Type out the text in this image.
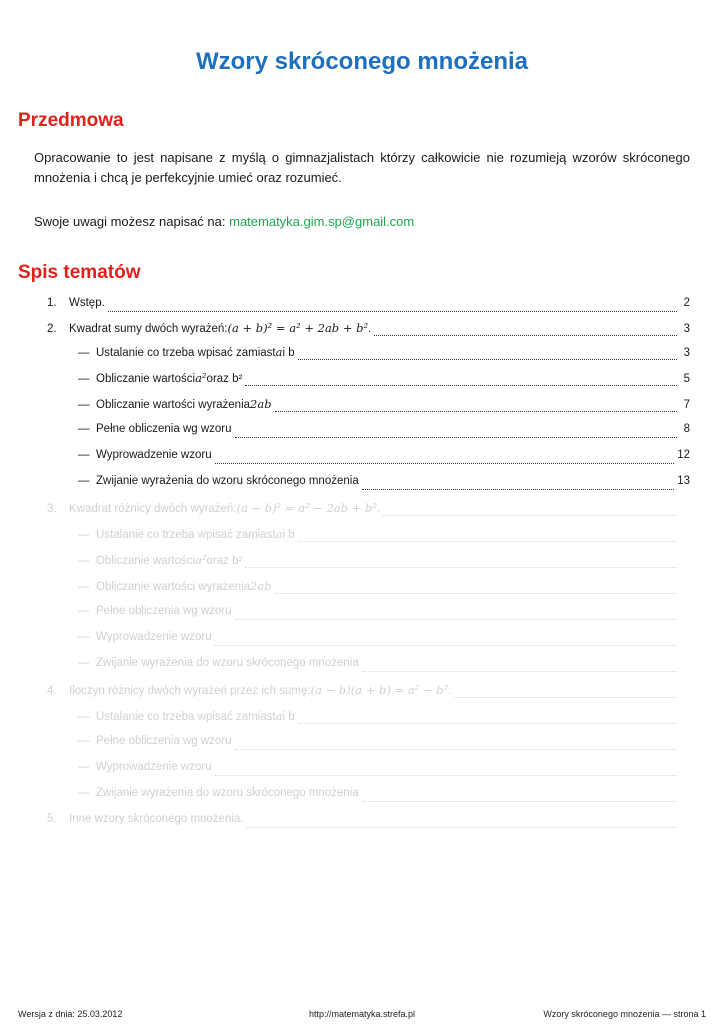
Wzory skróconego mnożenia
Przedmowa
Opracowanie to jest napisane z myślą o gimnazjalistach którzy całkowicie nie rozumieją wzorów skróconego mnożenia i chcą je perfekcyjnie umieć oraz rozumieć.
Swoje uwagi możesz napisać na: matematyka.gim.sp@gmail.com
Spis tematów
1.	Wstęp.	2
2.	Kwadrat sumy dwóch wyrażeń: (a + b)² = a² + 2ab + b² .	3
— Ustalanie co trzeba wpisać zamiast a i b	3
— Obliczanie wartości a² oraz b²	5
— Obliczanie wartości wyrażenia 2ab	7
— Pełne obliczenia wg wzoru	8
— Wyprowadzenie wzoru	12
— Zwijanie wyrażenia do wzoru skróconego mnożenia	13
3.	Kwadrat różnicy dwóch wyrażeń: (a − b)² = a² − 2ab + b² .
— Ustalanie co trzeba wpisać zamiast a i b
— Obliczanie wartości a² oraz b²
— Obliczanie wartości wyrażenia 2ab
— Pełne obliczenia wg wzoru
— Wyprowadzenie wzoru
— Zwijanie wyrażenia do wzoru skróconego mnożenia
4.	Iloczyn różnicy dwóch wyrażeń przez ich sumę: (a − b)(a + b) = a² − b² .
— Ustalanie co trzeba wpisać zamiast a i b
— Pełne obliczenia wg wzoru
— Wyprowadzenie wzoru
— Zwijanie wyrażenia do wzoru skróconego mnożenia
5.	Inne wzory skróconego mnożenia.
Wersja z dnia: 25.03.2012	http://matematyka.strefa.pl	Wzory skróconego mnożenia — strona 1
